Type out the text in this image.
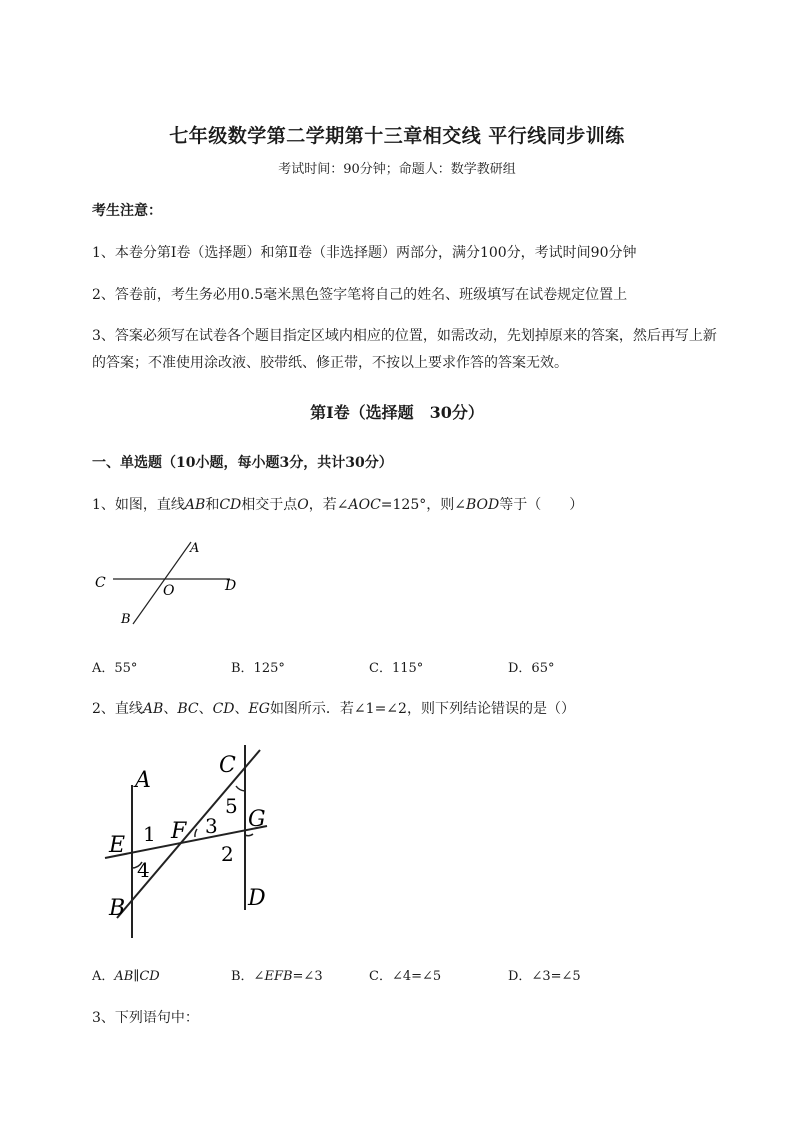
七年级数学第二学期第十三章相交线 平行线同步训练
考试时间：90分钟；命题人：数学教研组
考生注意：
1、本卷分第I卷（选择题）和第Ⅱ卷（非选择题）两部分，满分100分，考试时间90分钟
2、答卷前，考生务必用0.5毫米黑色签字笔将自己的姓名、班级填写在试卷规定位置上
3、答案必须写在试卷各个题目指定区域内相应的位置，如需改动，先划掉原来的答案，然后再写上新
的答案；不准使用涂改液、胶带纸、修正带，不按以上要求作答的答案无效。
第I卷（选择题　30分）
一、单选题（10小题，每小题3分，共计30分）
1、如图，直线AB和CD相交于点O，若∠AOC=125°，则∠BOD等于（　　）
A
B
C	D
O
A．55°	B．125°	C．115°	D．65°
2、直线AB、BC、CD、EG如图所示．若∠1=∠2，则下列结论错误的是（）
A
B
C
D
E
F	G
1
2
3
4
5
A．AB∥CD	B．∠EFB=∠3	C．∠4=∠5	D．∠3=∠5
3、下列语句中：
